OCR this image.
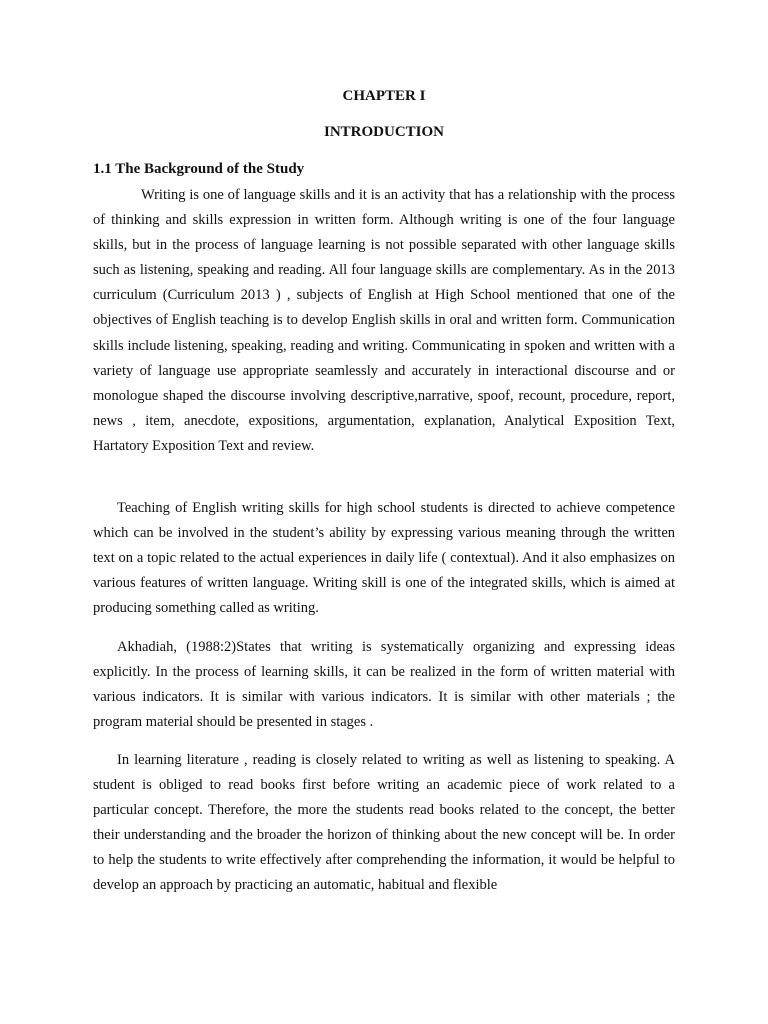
CHAPTER I
INTRODUCTION
1.1 The Background of the Study

Writing is one of language skills and it is an activity that has a relationship with the process of thinking and skills expression in written form. Although writing is one of the four language skills, but in the process of language learning is not possible separated with other language skills such as listening, speaking and reading. All four language skills are complementary. As in the 2013 curriculum (Curriculum 2013 ) , subjects of English at High School mentioned that one of the objectives of English teaching is to develop English skills in oral and written form. Communication skills include listening, speaking, reading and writing. Communicating in spoken and written with a variety of language use appropriate seamlessly and accurately in interactional discourse and or monologue shaped the discourse involving descriptive,narrative, spoof, recount, procedure, report, news , item, anecdote, expositions, argumentation, explanation, Analytical Exposition Text, Hartatory Exposition Text and review.

Teaching of English writing skills for high school students is directed to achieve competence which can be involved in the student’s ability by expressing various meaning through the written text on a topic related to the actual experiences in daily life ( contextual). And it also emphasizes on various features of written language. Writing skill is one of the integrated skills, which is aimed at producing something called as writing.

Akhadiah, (1988:2)States that writing is systematically organizing and expressing ideas explicitly. In the process of learning skills, it can be realized in the form of written material with various indicators. It is similar with various indicators. It is similar with other materials ; the program material should be presented in stages .

In learning literature , reading is closely related to writing as well as listening to speaking. A student is obliged to read books first before writing an academic piece of work related to a particular concept. Therefore, the more the students read books related to the concept, the better their understanding and the broader the horizon of thinking about the new concept will be. In order to help the students to write effectively after comprehending the information, it would be helpful to develop an approach by practicing an automatic, habitual and flexible
